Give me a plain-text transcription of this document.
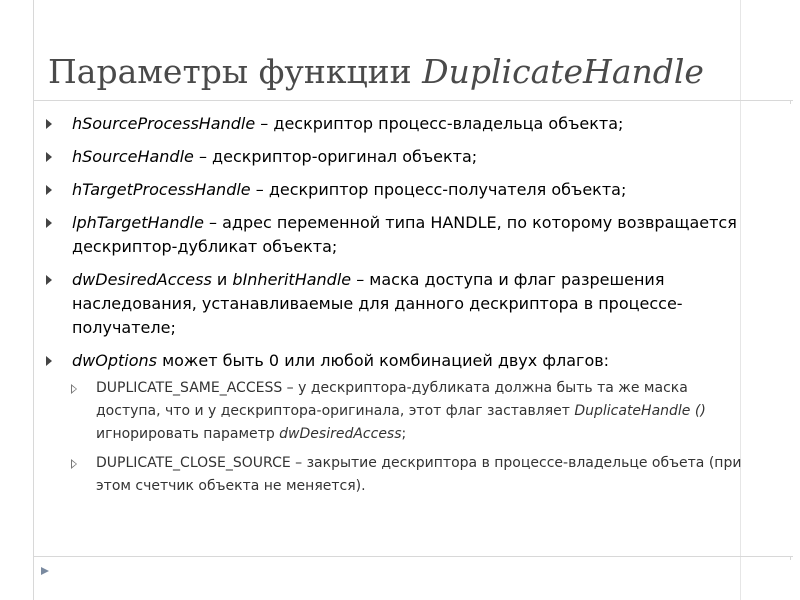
Параметры функции DuplicateHandle
hSourceProcessHandle – дескриптор процесс-владельца объекта;
hSourceHandle – дескриптор-оригинал объекта;
hTargetProcessHandle – дескриптор процесс-получателя объекта;
lphTargetHandle – адрес переменной типа HANDLE, по которому возвращается дескриптор-дубликат объекта;
dwDesiredAccess и bInheritHandle – маска доступа и флаг разрешения наследования, устанавливаемые для данного дескриптора в процессе-получателе;
dwOptions может быть 0 или любой комбинацией двух флагов:
DUPLICATE_SAME_ACCESS – у дескриптора-дубликата должна быть та же маска доступа, что и у дескриптора-оригинала, этот флаг заставляет DuplicateHandle () игнорировать параметр dwDesiredAccess;
DUPLICATE_CLOSE_SOURCE – закрытие дескриптора в процессе-владельце объета (при этом счетчик объекта не меняется).
